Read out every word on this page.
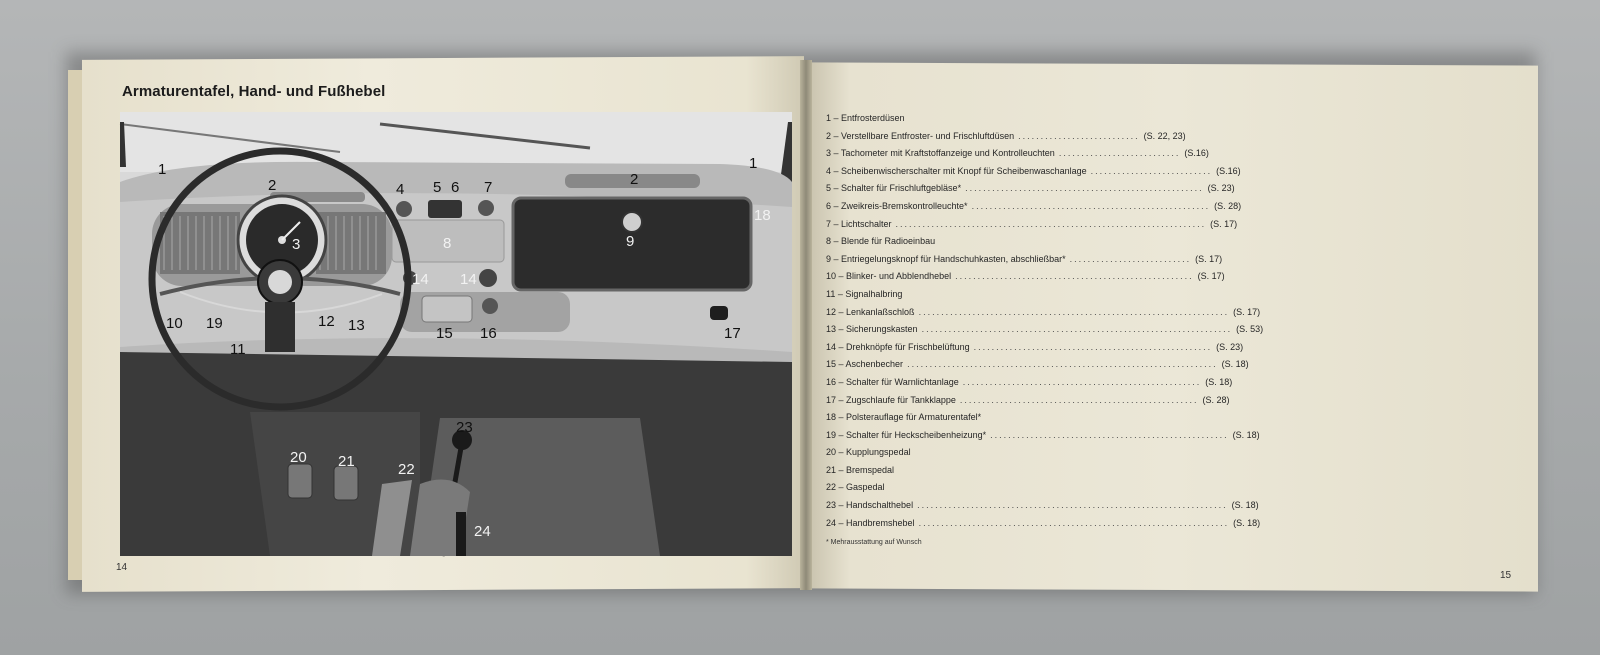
Armaturentafel, Hand- und Fußhebel
1	1
2	2
3
4 5 6 7
8	9
10
11
12 13
14 14
15 16	17
18
19
20 21	22
23
24
14
15
1 – Entfrosterdüsen
2 – Verstellbare Entfroster- und Frischluftdüsen ........................... (S. 22, 23)
3 – Tachometer mit Kraftstoffanzeige und Kontrolleuchten ........................... (S.16)
4 – Scheibenwischerschalter mit Knopf für Scheibenwaschanlage ........................... (S.16)
5 – Schalter für Frischluftgebläse* ..................................................... (S. 23)
6 – Zweikreis-Bremskontrolleuchte* ..................................................... (S. 28)
7 – Lichtschalter ..................................................................... (S. 17)
8 – Blende für Radioeinbau
9 – Entriegelungsknopf für Handschuhkasten, abschließbar* ........................... (S. 17)
10 – Blinker- und Abblendhebel ..................................................... (S. 17)
11 – Signalhalbring
12 – Lenkanlaßschloß ..................................................................... (S. 17)
13 – Sicherungskasten ..................................................................... (S. 53)
14 – Drehknöpfe für Frischbelüftung ..................................................... (S. 23)
15 – Aschenbecher ..................................................................... (S. 18)
16 – Schalter für Warnlichtanlage ..................................................... (S. 18)
17 – Zugschlaufe für Tankklappe ..................................................... (S. 28)
18 – Polsterauflage für Armaturentafel*
19 – Schalter für Heckscheibenheizung* ..................................................... (S. 18)
20 – Kupplungspedal
21 – Bremspedal
22 – Gaspedal
23 – Handschalthebel ..................................................................... (S. 18)
24 – Handbremshebel ..................................................................... (S. 18)
* Mehrausstattung auf Wunsch
